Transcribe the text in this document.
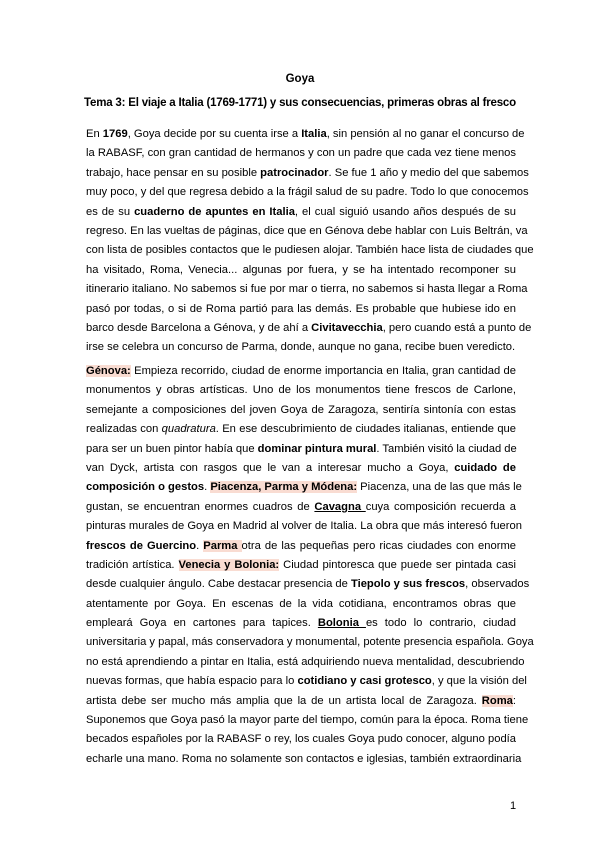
Goya
Tema 3: El viaje a Italia (1769-1771) y sus consecuencias, primeras obras al fresco
En 1769, Goya decide por su cuenta irse a Italia, sin pensión al no ganar el concurso de
la RABASF, con gran cantidad de hermanos y con un padre que cada vez tiene menos
trabajo, hace pensar en su posible patrocinador. Se fue 1 año y medio del que sabemos
muy poco, y del que regresa debido a la frágil salud de su padre. Todo lo que conocemos
es de su cuaderno de apuntes en Italia, el cual siguió usando años después de su
regreso. En las vueltas de páginas, dice que en Génova debe hablar con Luis Beltrán, va
con lista de posibles contactos que le pudiesen alojar. También hace lista de ciudades que
ha visitado, Roma, Venecia... algunas por fuera, y se ha intentado recomponer su
itinerario italiano. No sabemos si fue por mar o tierra, no sabemos si hasta llegar a Roma
pasó por todas, o si de Roma partió para las demás. Es probable que hubiese ido en
barco desde Barcelona a Génova, y de ahí a Civitavecchia, pero cuando está a punto de
irse se celebra un concurso de Parma, donde, aunque no gana, recibe buen veredicto.
Génova: Empieza recorrido, ciudad de enorme importancia en Italia, gran cantidad de
monumentos y obras artísticas. Uno de los monumentos tiene frescos de Carlone,
semejante a composiciones del joven Goya de Zaragoza, sentiría sintonía con estas
realizadas con quadratura. En ese descubrimiento de ciudades italianas, entiende que
para ser un buen pintor había que dominar pintura mural. También visitó la ciudad de
van Dyck, artista con rasgos que le van a interesar mucho a Goya, cuidado de
composición o gestos. Piacenza, Parma y Módena: Piacenza, una de las que más le
gustan, se encuentran enormes cuadros de Cavagna cuya composición recuerda a
pinturas murales de Goya en Madrid al volver de Italia. La obra que más interesó fueron
frescos de Guercino. Parma otra de las pequeñas pero ricas ciudades con enorme
tradición artística. Venecia y Bolonia: Ciudad pintoresca que puede ser pintada casi
desde cualquier ángulo. Cabe destacar presencia de Tiepolo y sus frescos, observados
atentamente por Goya. En escenas de la vida cotidiana, encontramos obras que
empleará Goya en cartones para tapices. Bolonia es todo lo contrario, ciudad
universitaria y papal, más conservadora y monumental, potente presencia española. Goya
no está aprendiendo a pintar en Italia, está adquiriendo nueva mentalidad, descubriendo
nuevas formas, que había espacio para lo cotidiano y casi grotesco, y que la visión del
artista debe ser mucho más amplia que la de un artista local de Zaragoza. Roma:
Suponemos que Goya pasó la mayor parte del tiempo, común para la época. Roma tiene
becados españoles por la RABASF o rey, los cuales Goya pudo conocer, alguno podía
echarle una mano. Roma no solamente son contactos e iglesias, también extraordinaria
1
